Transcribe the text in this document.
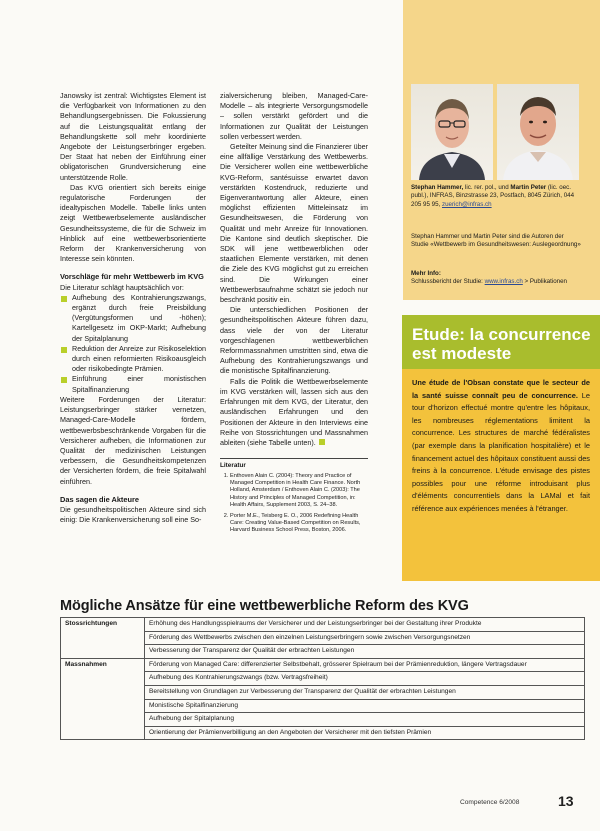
Janowsky ist zentral: Wichtigstes Element ist die Verfügbarkeit von Informationen zu den Behandlungsergebnissen. Die Fokussierung auf die Leistungsqualität entlang der Behandlungskette soll mehr koordinierte Angebote der Leistungserbringer ergeben. Der Staat hat neben der Einführung einer obligatorischen Grundversicherung eine unterstützende Rolle.

Das KVG orientiert sich bereits einige regulatorische Forderungen der idealtypischen Modelle. Tabelle links unten zeigt Wettbewerbselemente ausländischer Gesundheitssysteme, die für die Schweiz im Hinblick auf eine wettbewerbsorientierte Reform der Krankenversicherung von Interesse sein könnten.

Vorschläge für mehr Wettbewerb im KVG

Die Literatur schlägt hauptsächlich vor:

Aufhebung des Kontrahierungszwangs, ergänzt durch freie Preisbildung (Vergütungsformen und -höhen); Kartellgesetz im OKP-Markt; Aufhebung der Spitalplanung
Reduktion der Anreize zur Risikoselektion durch einen reformierten Risikoausgleich oder risikobedingte Prämien.
Einführung einer monistischen Spitalfinanzierung

Weitere Forderungen der Literatur: Leistungserbringer stärker vernetzen, Managed-Care-Modelle fördern, wettbewerbsbeschränkende Vorgaben für die Versicherer aufheben, die Informationen zur Qualität der medizinischen Leistungen verbessern, die Gesundheitskompetenzen der Versicherten fördern, die freie Spitalwahl einführen.

Das sagen die Akteure

Die gesundheitspolitischen Akteure sind sich einig: Die Krankenversicherung soll eine So-

zialversicherung bleiben, Managed-Care-Modelle – als integrierte Versorgungsmodelle – sollen verstärkt gefördert und die Informationen zur Qualität der Leistungen sollen verbessert werden.

Geteilter Meinung sind die Finanzierer über eine allfällige Verstärkung des Wettbewerbs. Die Versicherer wollen eine wettbewerbliche KVG-Reform, santésuisse erwartet davon verstärkten Kostendruck, reduzierte und Eigenverantwortung aller Akteure, einen möglichst effizienten Mitteleinsatz im Gesundheitswesen, die Förderung von Qualität und mehr Anreize für Innovationen. Die Kantone sind deutlich skeptischer. Die SDK will jene wettbewerblichen oder staatlichen Elemente verstärken, mit denen die Ziele des KVG möglichst gut zu erreichen sind. Die Wirkungen einer Wettbewerbsaufnahme schätzt sie jedoch nur beschränkt positiv ein.

Die unterschiedlichen Positionen der gesundheitspolitischen Akteure führen dazu, dass viele der von der Literatur vorgeschlagenen wettbewerblichen Reformmassnahmen umstritten sind, etwa die Aufhebung des Kontrahierungszwangs und die monistische Spitalfinanzierung.

Falls die Politik die Wettbewerbselemente im KVG verstärken will, lassen sich aus den Erfahrungen mit dem KVG, der Literatur, den ausländischen Erfahrungen und den Positionen der Akteure in den Interviews eine Reihe von Stossrichtungen und Massnahmen ableiten (siehe Tabelle unten).

Literatur
1. Enthoven Alain C. (2004): Theory and Practice of Managed Competition in Health Care Finance. North Holland, Amsterdam / Enthoven Alain C. (2003): The History and Principles of Managed Competition, in: Health Affairs, Supplement 2003, S. 24–38.
2. Porter M.E., Teisberg E. O., 2006 Redefining Health Care: Creating Value-Based Competition on Results, Harvard Business School Press, Boston, 2006.
Stephan Hammer, lic. rer. pol., und Martin Peter (lic. oec. publ.), INFRAS, Binzstrasse 23, Postfach, 8045 Zürich, 044 205 95 95, zuerich@infras.ch
Stephan Hammer und Martin Peter sind die Autoren der Studie «Wettbewerb im Gesundheitswesen: Auslegeordnung»
Mehr Info:
Schlussbericht der Studie: www.infras.ch > Publikationen
Etude: la concurrence est modeste
Une étude de l'Obsan constate que le secteur de la santé suisse connaît peu de concurrence. Le tour d'horizon effectué montre qu'entre les hôpitaux, les nombreuses réglementations limitent la concurrence. Les structures de marché fédéralistes (par exemple dans la planification hospitalière) et le financement actuel des hôpitaux constituent aussi des freins à la concurrence. L'étude envisage des pistes possibles pour une réforme introduisant plus d'éléments concurrentiels dans la LAMal et fait référence aux expériences menées à l'étranger.
Mögliche Ansätze für eine wettbewerbliche Reform des KVG
Stossrichtungen	Erhöhung des Handlungsspielraums der Versicherer und der Leistungserbringer bei der Gestaltung ihrer Produkte
	Förderung des Wettbewerbs zwischen den einzelnen Leistungserbringern sowie zwischen Versorgungsnetzen
	Verbesserung der Transparenz der Qualität der erbrachten Leistungen
Massnahmen	Förderung von Managed Care: differenzierter Selbstbehalt, grösserer Spielraum bei der Prämienreduktion, längere Vertragsdauer
	Aufhebung des Kontrahierungszwangs (bzw. Vertragsfreiheit)
	Bereitstellung von Grundlagen zur Verbesserung der Transparenz der Qualität der erbrachten Leistungen
	Monistische Spitalfinanzierung
	Aufhebung der Spitalplanung
	Orientierung der Prämienverbilligung an den Angeboten der Versicherer mit den tiefsten Prämien
Competence 6/2008	13
